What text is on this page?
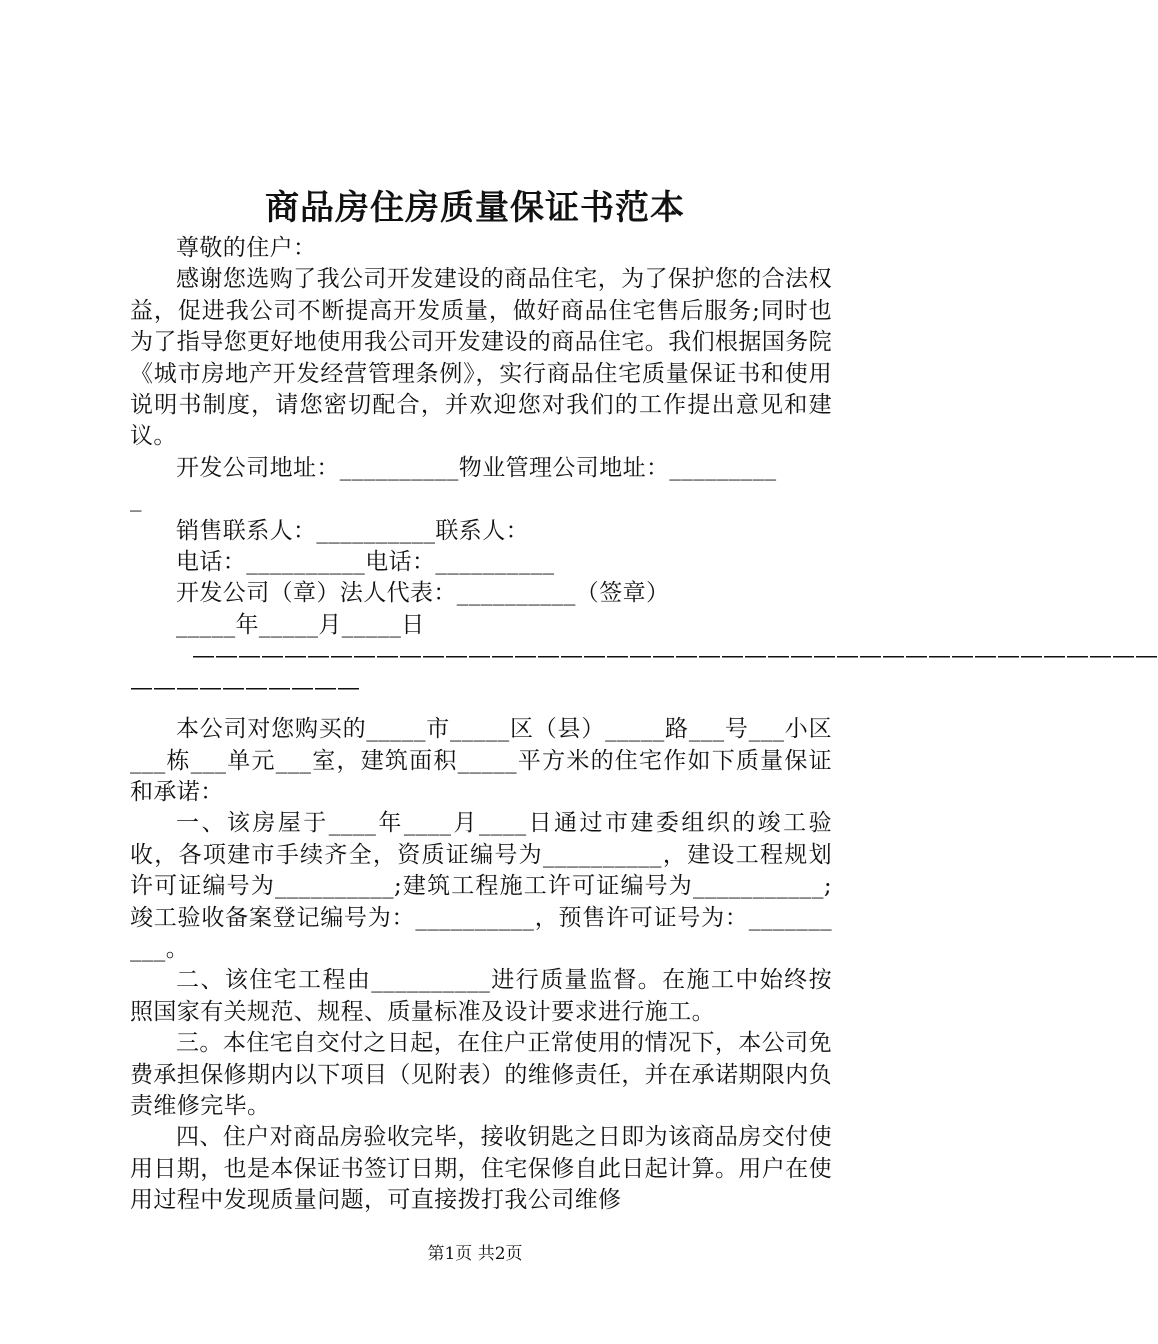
商品房住房质量保证书范本
尊敬的住户：
感谢您选购了我公司开发建设的商品住宅，为了保护您的合法权益，促进我公司不断提高开发质量，做好商品住宅售后服务;同时也为了指导您更好地使用我公司开发建设的商品住宅。我们根据国务院《城市房地产开发经营管理条例》，实行商品住宅质量保证书和使用说明书制度，请您密切配合，并欢迎您对我们的工作提出意见和建议。
开发公司地址：__________物业管理公司地址：_________
_
销售联系人：__________联系人：
电话：__________电话：__________
开发公司（章）法人代表：__________（签章）
_____年_____月_____日
——————————————————————————————————————————
——————————
本公司对您购买的_____市_____区（县）_____路___号___小区___栋___单元___室，建筑面积_____平方米的住宅作如下质量保证和承诺：
一、该房屋于____年____月____日通过市建委组织的竣工验收，各项建市手续齐全，资质证编号为__________，建设工程规划许可证编号为__________;建筑工程施工许可证编号为___________;竣工验收备案登记编号为：__________，预售许可证号为：__________。
二、该住宅工程由__________进行质量监督。在施工中始终按照国家有关规范、规程、质量标准及设计要求进行施工。
三。本住宅自交付之日起，在住户正常使用的情况下，本公司免费承担保修期内以下项目（见附表）的维修责任，并在承诺期限内负责维修完毕。
四、住户对商品房验收完毕，接收钥匙之日即为该商品房交付使用日期，也是本保证书签订日期，住宅保修自此日起计算。用户在使用过程中发现质量问题，可直接拨打我公司维修
第1页 共2页
